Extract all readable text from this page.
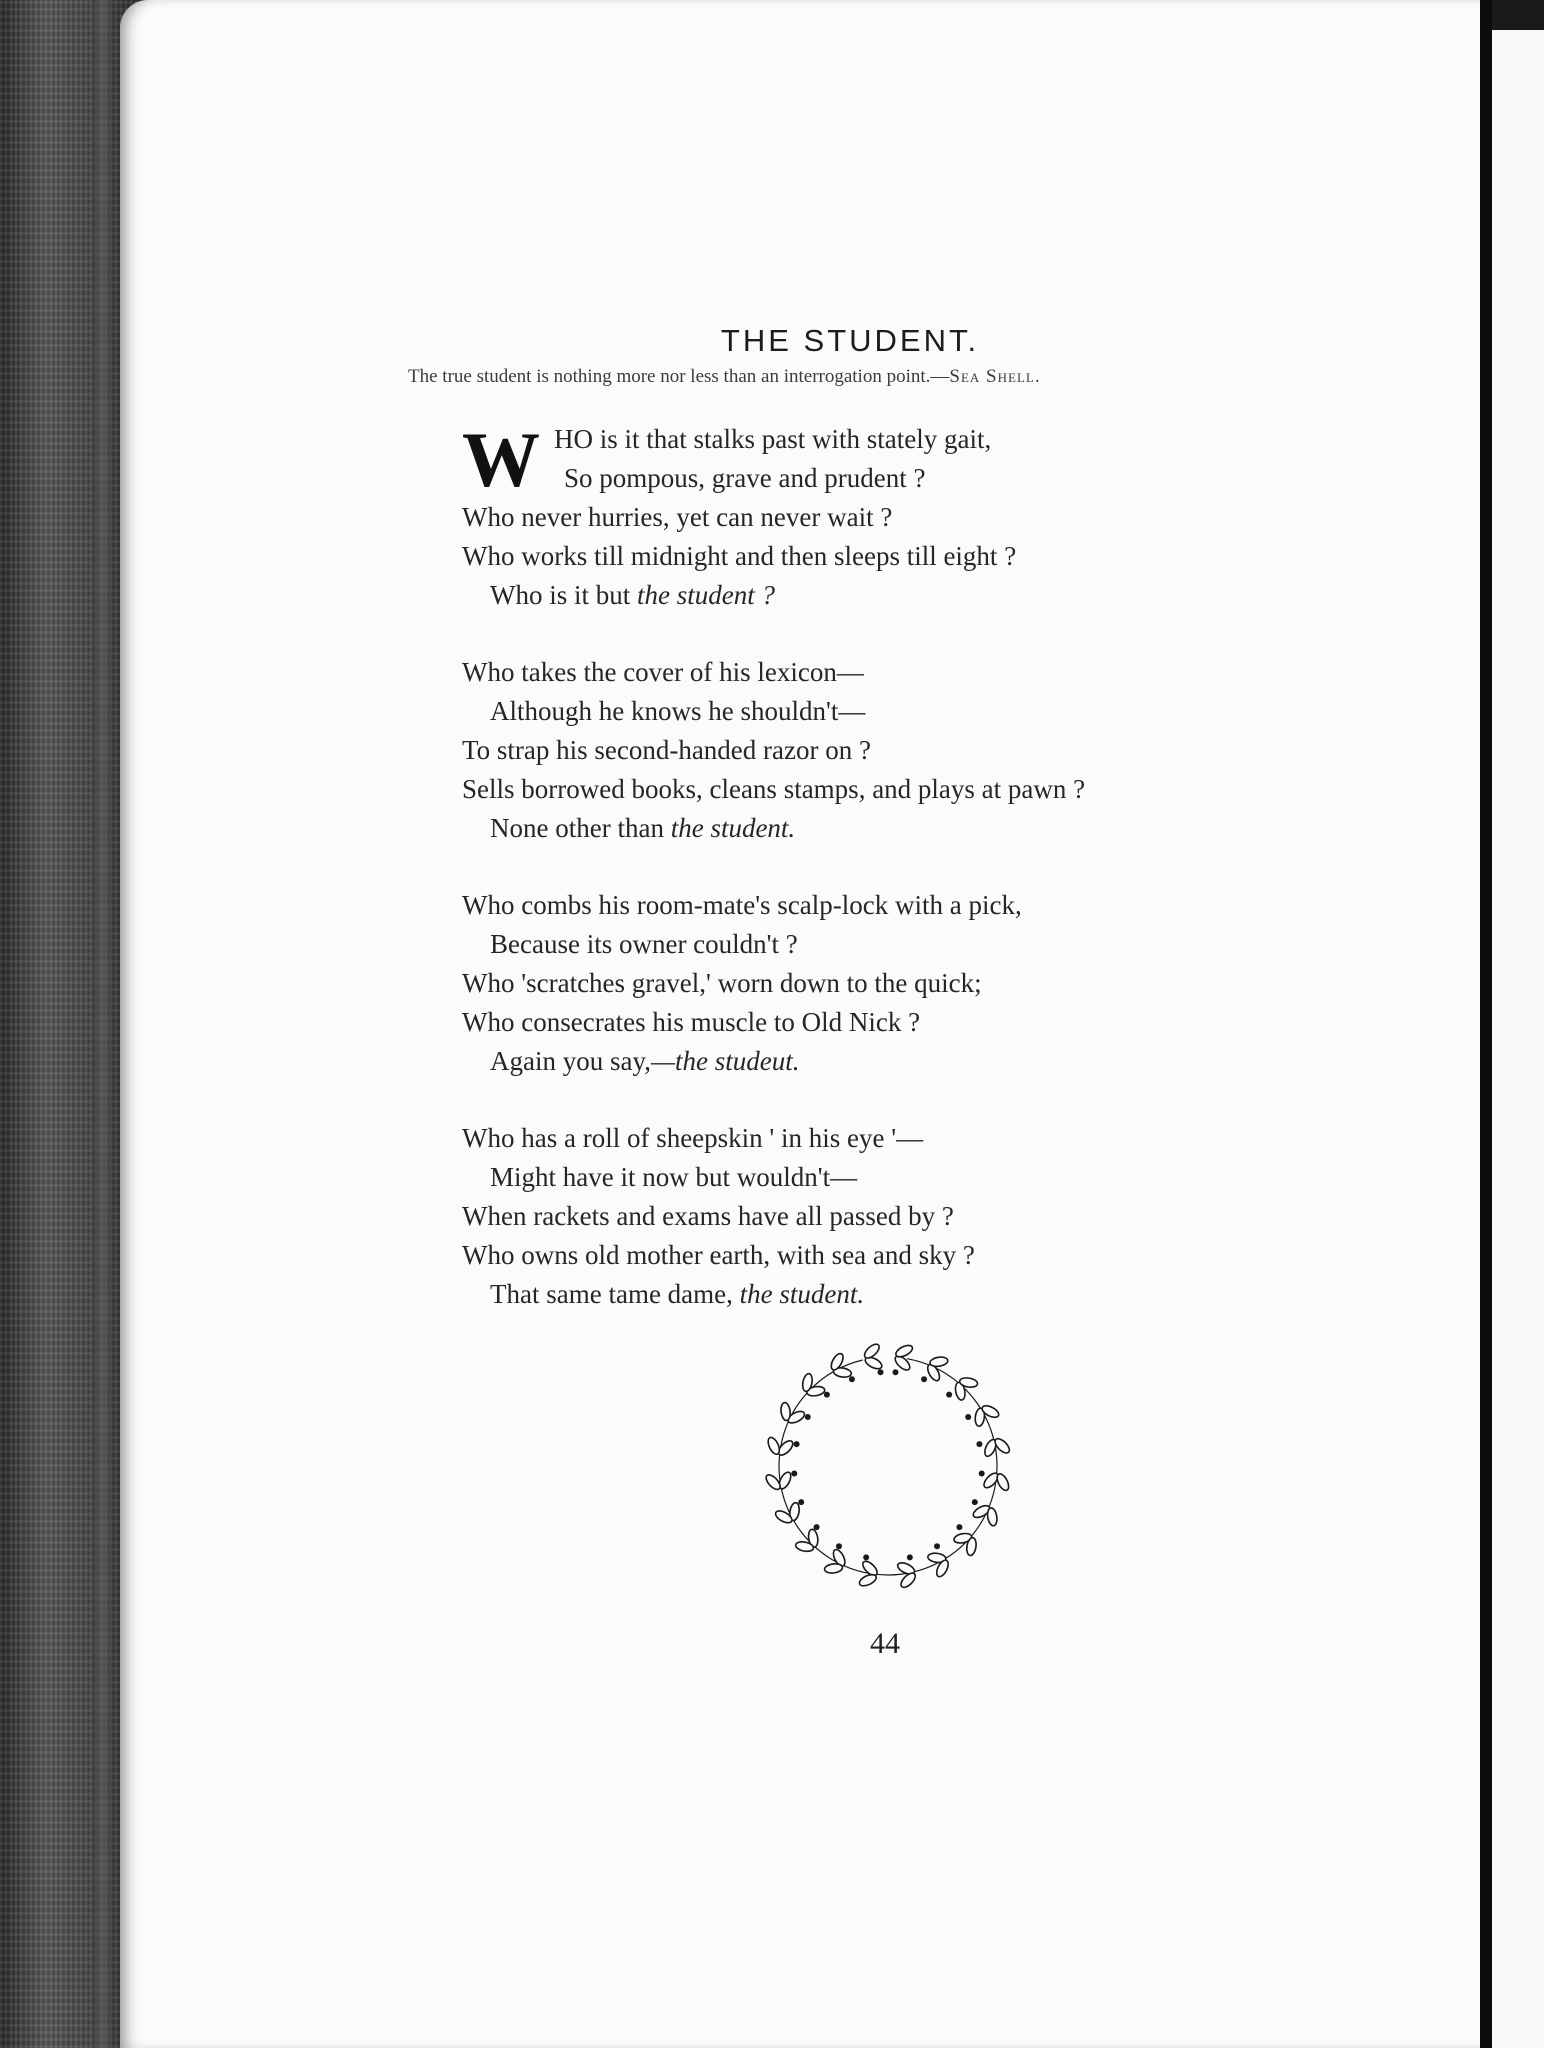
THE STUDENT.
The true student is nothing more nor less than an interrogation point.—Sea Shell.
W HO is it that stalks past with stately gait,
So pompous, grave and prudent ?
Who never hurries, yet can never wait ?
Who works till midnight and then sleeps till eight ?
Who is it but the student ?
Who takes the cover of his lexicon—
Although he knows he shouldn't—
To strap his second-handed razor on ?
Sells borrowed books, cleans stamps, and plays at pawn ?
None other than the student.
Who combs his room-mate's scalp-lock with a pick,
Because its owner couldn't ?
Who 'scratches gravel,' worn down to the quick;
Who consecrates his muscle to Old Nick ?
Again you say,—the studeut.
Who has a roll of sheepskin ' in his eye '—
Might have it now but wouldn't—
When rackets and exams have all passed by ?
Who owns old mother earth, with sea and sky ?
That same tame dame, the student.
44
